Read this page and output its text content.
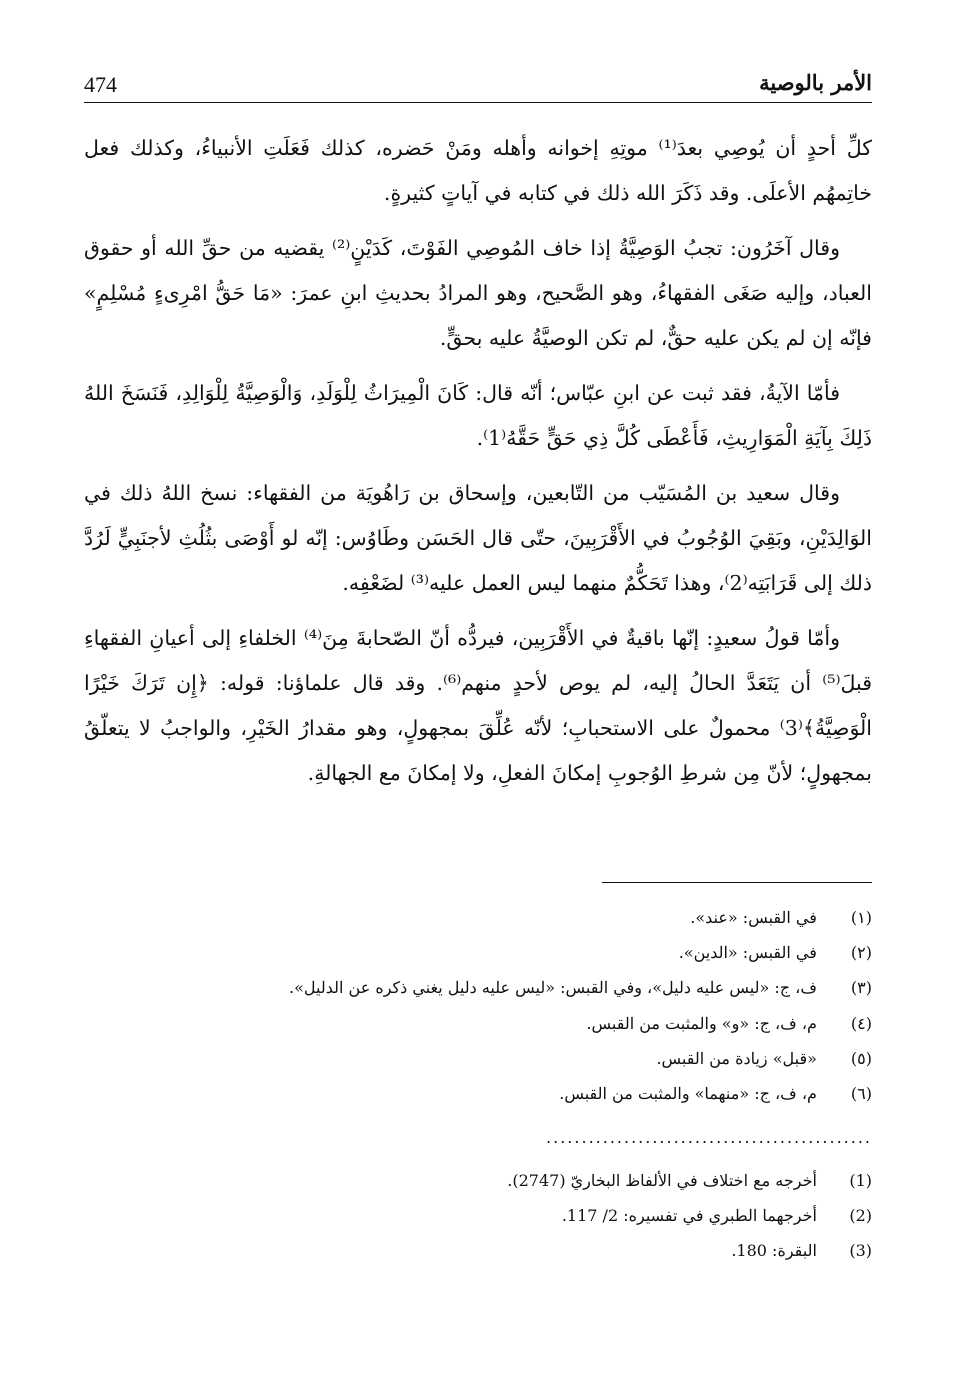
474	الأمر بالوصية

كلِّ أحدٍ أن يُوصِي بعدَ⁽¹⁾ موتِهِ إخوانه وأهله ومَنْ حَضره، كذلك فَعَلَتِ الأنبياءُ، وكذلك فعل خاتِمهُم الأعلَى. وقد ذَكَرَ الله ذلك في كتابه في آياتٍ كثيرةٍ.

وقال آخَرُون: تجبُ الوَصِيَّةُ إذا خاف المُوصِي الفَوْتَ، كَدَيْنٍ⁽²⁾ يقضيه من حقِّ الله أو حقوق العباد، وإليه صَغَى الفقهاءُ، وهو الصَّحيح، وهو المرادُ بحديثِ ابنِ عمرَ: «مَا حَقُّ امْرِىءٍ مُسْلِمٍ» فإنّه إن لم يكن عليه حقٌّ، لم تكن الوصيَّةُ عليه بحقٍّ.

فأمّا الآيةُ، فقد ثبت عن ابنِ عبّاس؛ أنّه قال: كَانَ الْمِيرَاثُ لِلْوَلَدِ، وَالْوَصِيَّةُ لِلْوَالِدِ، فَنَسَخَ اللهُ ذَلِكَ بِآيَةِ الْمَوَارِيثِ، فَأَعْطَى كُلَّ ذِي حَقٍّ حَقَّهُ⁽1⁾.

وقال سعيد بن المُسَيّب من التّابعين، وإسحاق بن رَاهُويَة من الفقهاء: نسخ اللهُ ذلك في الوَالِدَيْنِ، وبَقِيَ الوُجُوبُ في الأَقْرَبِينَ، حتّى قال الحَسَن وطَاوُس: إنّه لو أَوْصَى بثُلُثِ لأجنَبِيٍّ لَرُدَّ ذلك إلى قَرَابَتِه⁽2⁾، وهذا تَحَكُّمٌ منهما ليس العمل عليه⁽³⁾ لضَعْفِه.

وأمّا قولُ سعيدٍ: إنّها باقيةٌ في الأَقْرَبِين، فيردُّه أنّ الصّحابةَ مِنَ⁽⁴⁾ الخلفاءِ إلى أعيانِ الفقهاءِ قبلَ⁽⁵⁾ أن يَتَعَدَّ الحالُ إليه، لم يوص لأحدٍ منهم⁽⁶⁾. وقد قال علماؤنا: قوله: ﴿إِن تَرَكَ خَيْرًا الْوَصِيَّةُ﴾⁽3⁾ محمولٌ على الاستحبابِ؛ لأنّه عُلِّقَ بمجهولٍ، وهو مقدارُ الخَيْرِ، والواجبُ لا يتعلّقُ بمجهولٍ؛ لأنّ مِن شرطِ الوُجوبِ إمكانَ الفعلِ، ولا إمكانَ مع الجهالةِ.

(١) في القبس: «عند».
(٢) في القبس: «الدين».
(٣) ف، ج: «ليس عليه دليل»، وفي القبس: «ليس عليه دليل يغني ذكره عن الدليل».
(٤) م، ف، ج: «و» والمثبت من القبس.
(٥) «قبل» زيادة من القبس.
(٦) م، ف، ج: «منهما» والمثبت من القبس.
..............................................
(1) أخرجه مع اختلاف في الألفاظ البخاريّ (2747).
(2) أخرجهما الطبري في تفسيره: 2/ 117.
(3) البقرة: 180.
